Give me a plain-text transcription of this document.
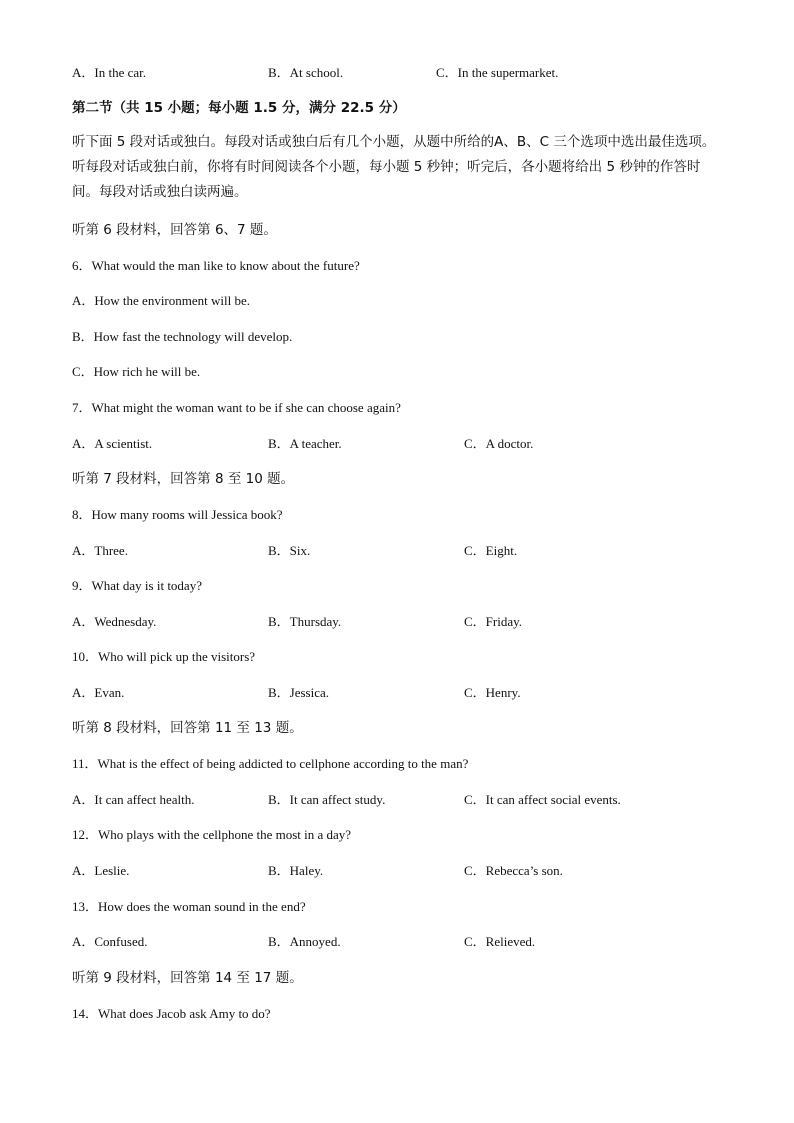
A．In the car.	B．At school.	C．In the supermarket.
第二节（共 15 小题；每小题 1.5 分，满分 22.5 分）
听下面 5 段对话或独白。每段对话或独白后有几个小题，从题中所给的A、B、C 三个选项中选出最佳选项。听每段对话或独白前，你将有时间阅读各个小题，每小题 5 秒钟；听完后，各小题将给出 5 秒钟的作答时间。每段对话或独白读两遍。
听第 6 段材料，回答第 6、7 题。
6．What would the man like to know about the future?
A．How the environment will be.
B．How fast the technology will develop.
C．How rich he will be.
7．What might the woman want to be if she can choose again?
A．A scientist.	B．A teacher.	C．A doctor.
听第 7 段材料，回答第 8 至 10 题。
8．How many rooms will Jessica book?
A．Three.	B．Six.	C．Eight.
9．What day is it today?
A．Wednesday.	B．Thursday.	C．Friday.
10．Who will pick up the visitors?
A．Evan.	B．Jessica.	C．Henry.
听第 8 段材料，回答第 11 至 13 题。
11．What is the effect of being addicted to cellphone according to the man?
A．It can affect health.	B．It can affect study.	C．It can affect social events.
12．Who plays with the cellphone the most in a day?
A．Leslie.	B．Haley.	C．Rebecca’s son.
13．How does the woman sound in the end?
A．Confused.	B．Annoyed.	C．Relieved.
听第 9 段材料，回答第 14 至 17 题。
14．What does Jacob ask Amy to do?
